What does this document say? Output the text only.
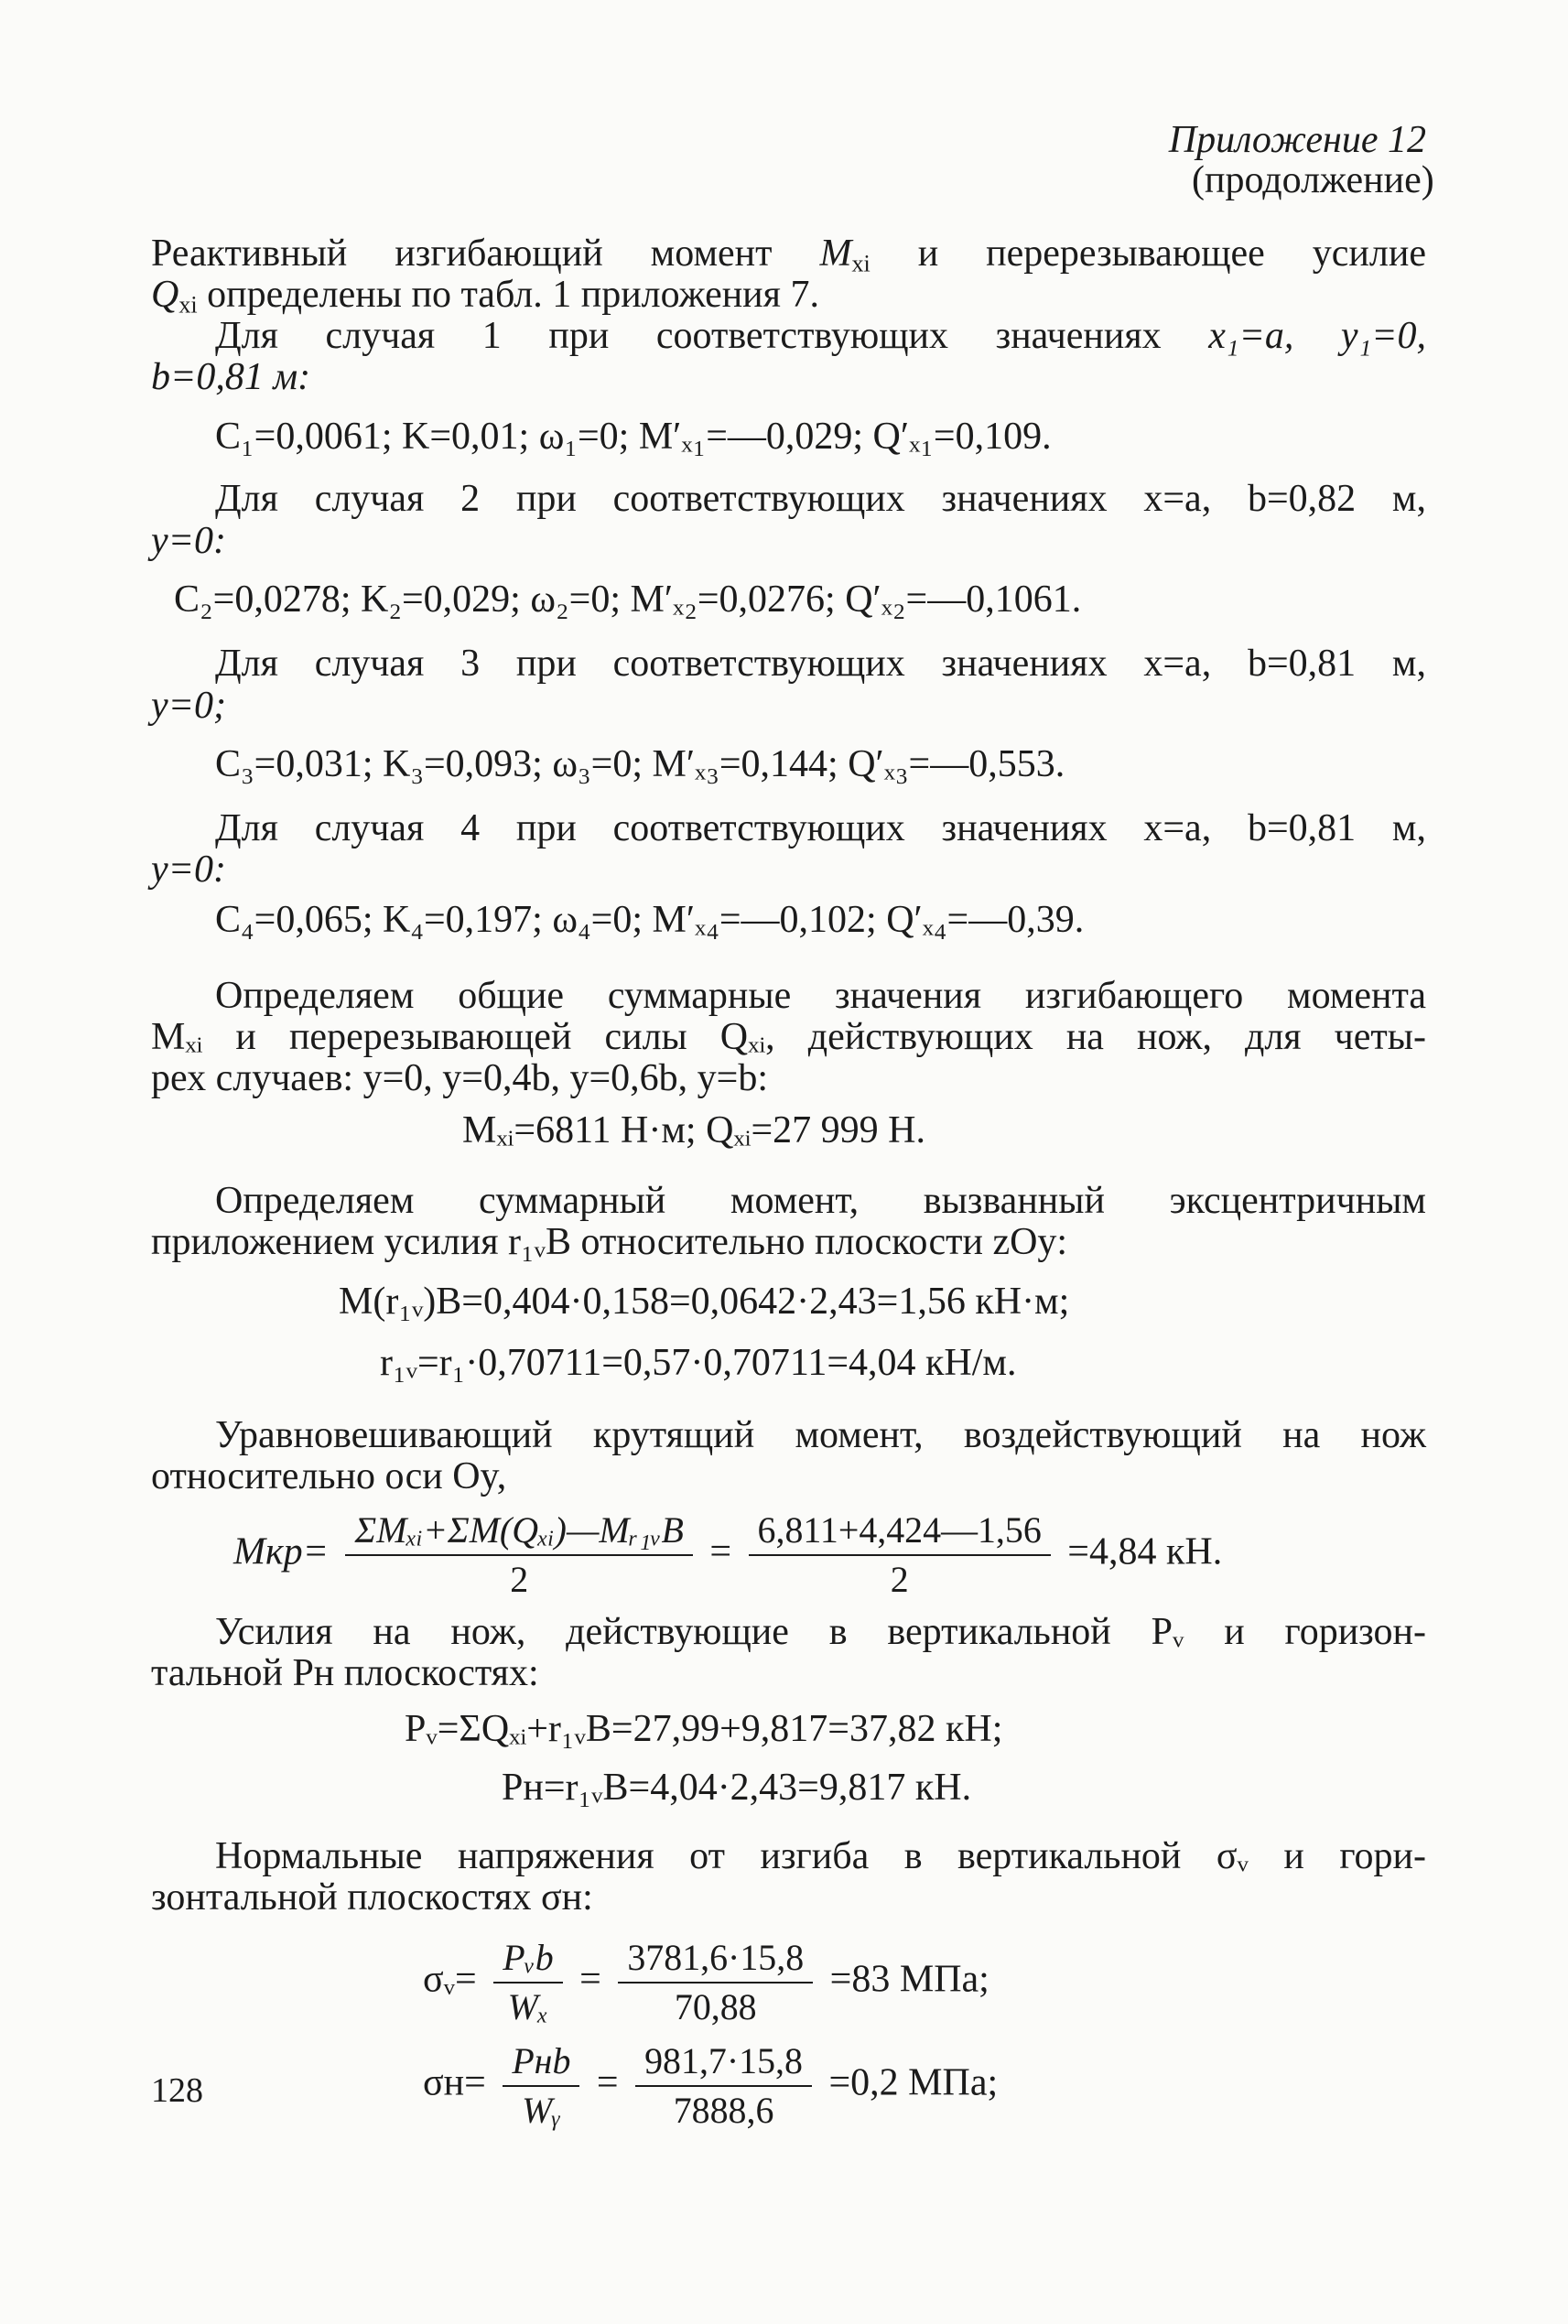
Приложение 12
(продолжение)
Реактивный изгибающий момент $M_{xi}$ и перерезывающее усилие
$Q_{xi}$ определены по табл. 1 приложения 7.
Для случая 1 при соответствующих значениях x₁=a, y₁=0,
b=0,81 м:
C₁=0,0061; K=0,01; ω₁=0; M′ₓ₁=—0,029; Q′ₓ₁=0,109.
Для случая 2 при соответствующих значениях x=a, b=0,82 м,
y=0:
C₂=0,0278; K₂=0,029; ω₂=0; M′ₓ₂=0,0276; Q′ₓ₂=—0,1061.
Для случая 3 при соответствующих значениях x=a, b=0,81 м,
y=0;
C₃=0,031; K₃=0,093; ω₃=0; M′ₓ₃=0,144; Q′ₓ₃=—0,553.
Для случая 4 при соответствующих значениях x=a, b=0,81 м,
y=0:
C₄=0,065; K₄=0,197; ω₄=0; M′ₓ₄=—0,102; Q′ₓ₄=—0,39.
Определяем общие суммарные значения изгибающего момента
Mₓᵢ и перерезывающей силы Qₓᵢ, действующих на нож, для четы-
рех случаев: y=0, y=0,4b, y=0,6b, y=b:
Mₓᵢ=6811 Н·м; Qₓᵢ=27 999 Н.
Определяем суммарный момент, вызванный эксцентричным
приложением усилия r₁ᵥB относительно плоскости zOy:
M(r₁ᵥ)B=0,404·0,158=0,0642·2,43=1,56 кН·м;
r₁ᵥ=r₁·0,70711=0,57·0,70711=4,04 кН/м.
Уравновешивающий крутящий момент, воздействующий на нож
относительно оси Oy,
$Mкр= \frac{\text{ΣMₓᵢ+ΣM(Qₓᵢ)—Mᵣ₁ᵥB}}{2} = \frac{6,811+4,424—1,56}{2} =4,84$ кН.
Усилия на нож, действующие в вертикальной Pᵥ и горизон-
тальной Pн плоскостях:
Pᵥ=ΣQₓᵢ+r₁ᵥB=27,99+9,817=37,82 кН;
Pн=r₁ᵥB=4,04·2,43=9,817 кН.
Нормальные напряжения от изгиба в вертикальной σᵥ и гори-
зонтальной плоскостях σн:
σᵥ= $\frac{\text{Pᵥb}}{\text{Wₓ}} = \frac{3781,6\cdot 15,8}{70,88} =83$ МПа;
$\sigma н= \frac{\text{Pнb}}{\text{Wᵧ}} = \frac{981,7\cdot 15,8}{7888,6} =0,2$ МПа;
128
